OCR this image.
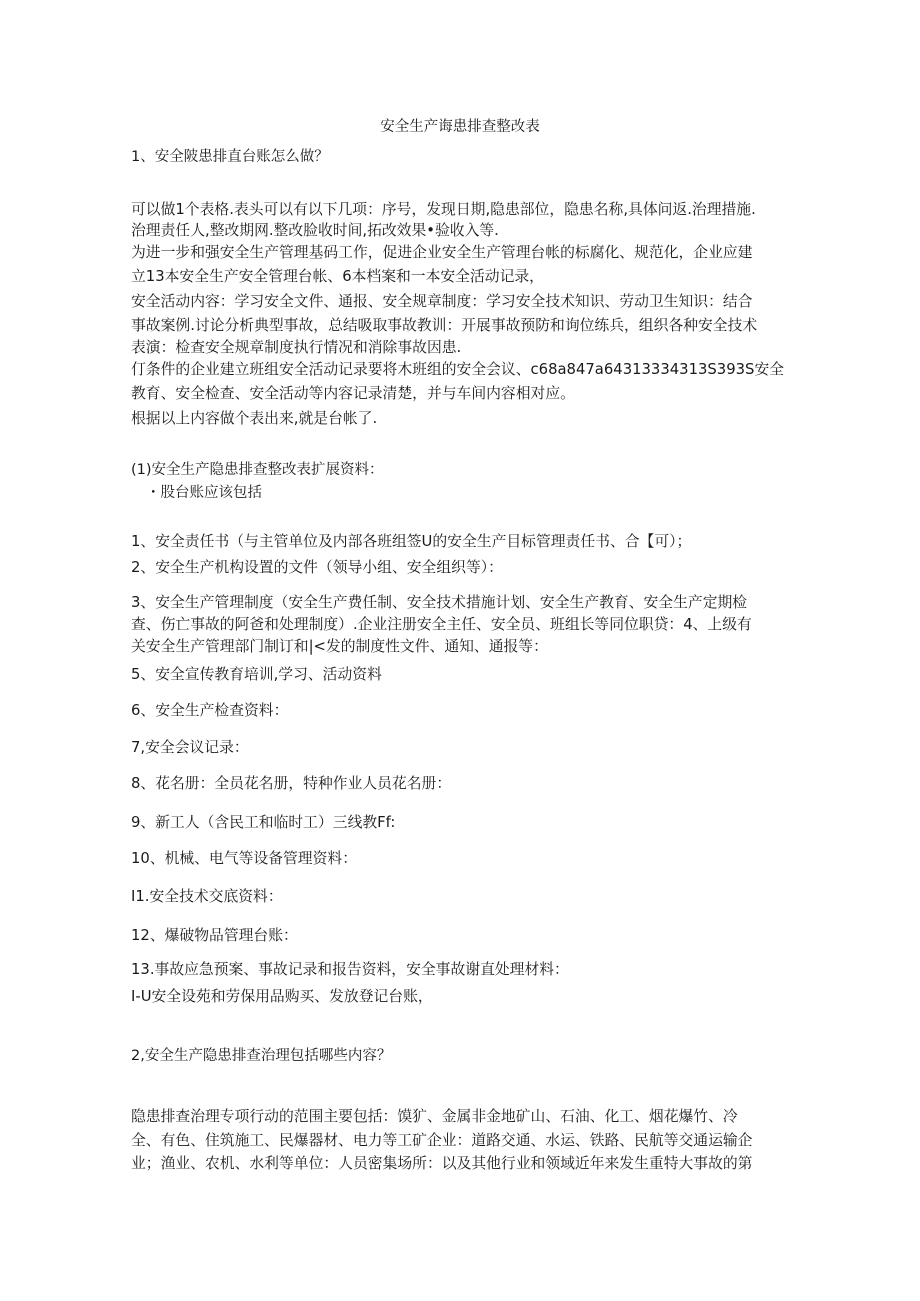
安全生产诲患排查整改表
1、安全陂患排直台账怎么做？
可以做1个表格.表头可以有以下几项：序号，发现日期,隐患部位，隐患名称,具体问返.治理措施.
治理责任人,整改期网.整改脸收时间,拓改效果•验收入等.
为进一步和强安全生产管理基码工作，促进企业安全生产管理台帐的标腐化、规范化，企业应建
立13本安全生产安全管理台帐、6本档案和一本安全活动记录，
安全活动内容：学习安全文件、通报、安全规章制度：学习安全技术知识、劳动卫生知识：结合
事故案例.讨论分析典型事故，总结吸取事故教训：开展事故预防和询位练兵，组织各种安全技术
表演：检查安全规章制度执行情况和消除事故因患.
仃条件的企业建立班组安全活动记录要将木班组的安全会议、c68a847a64313334313S393S安全
教育、安全检查、安全活动等内容记录清楚，并与车间内容相对应。
根据以上内容做个表出来,就是台帐了.
(1)安全生产隐患排查整改表扩展资料：
・股台账应该包括
1、安全责任书（与主管单位及内部各班组签U的安全生产目标管理责任书、合【可）；
2、安全生产机构设置的文件（领导小组、安全组织等）：
3、安全生产管理制度（安全生产费任制、安全技术措施计划、安全生产教育、安全生产定期检
查、伤亡事故的阿爸和处理制度）.企业注册安全主任、安全员、班组长等同位职贷：4、上级有
关安全生产管理部门制订和|<发的制度性文件、通知、通报等：
5、安全宣传教育培训,学习、活动资料
6、安全生产检查资料：
7,安全会议记录：
8、花名册：全员花名册，特种作业人员花名册：
9、新工人（含民工和临时工）三线教Ff:
10、机械、电气等设备管理资料：
I1.安全技术交底资料：
12、爆破物品管理台账：
13.事故应急预案、事故记录和报告资料，安全事故谢直处理材料：
I-U安全设苑和劳保用品购买、发放登记台账，
2,安全生产隐患排查治理包括哪些内容？
隐患排查治理专项行动的范围主要包括：馍犷、金属非金地矿山、石油、化工、烟花爆竹、冷
全、有色、住筑施工、民爆器材、电力等工矿企业：道路交通、水运、铁路、民航等交通运输企
业；渔业、农机、水利等单位：人员密集场所：以及其他行业和领域近年来发生重特大事故的第
